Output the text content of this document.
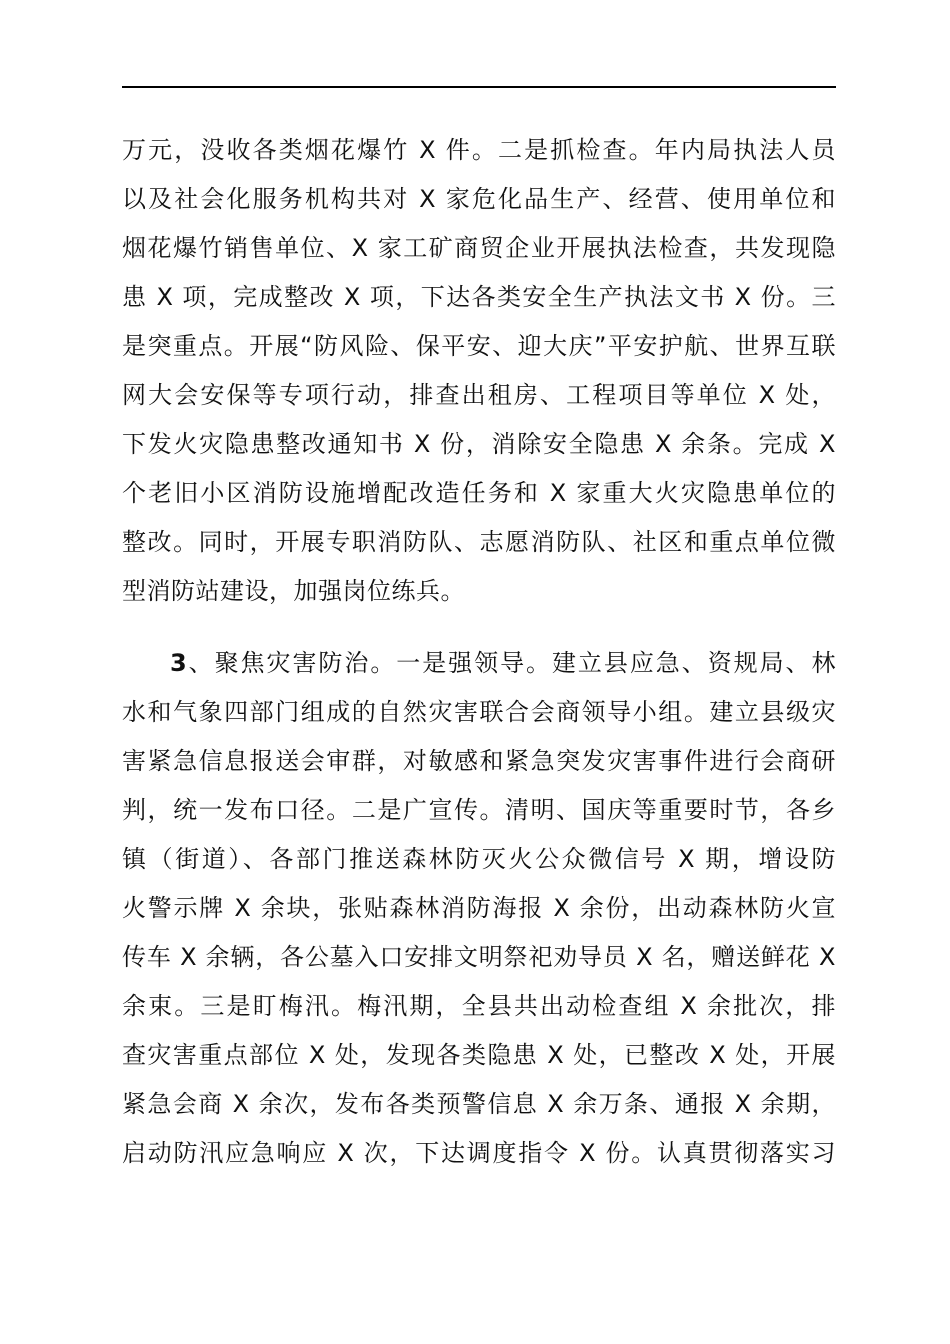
万元，没收各类烟花爆竹 X 件。二是抓检查。年内局执法人员
以及社会化服务机构共对 X 家危化品生产、经营、使用单位和
烟花爆竹销售单位、X 家工矿商贸企业开展执法检查，共发现隐
患 X 项，完成整改 X 项，下达各类安全生产执法文书 X 份。三
是突重点。开展“防风险、保平安、迎大庆”平安护航、世界互联
网大会安保等专项行动，排查出租房、工程项目等单位 X 处，
下发火灾隐患整改通知书 X 份，消除安全隐患 X 余条。完成 X
个老旧小区消防设施增配改造任务和 X 家重大火灾隐患单位的
整改。同时，开展专职消防队、志愿消防队、社区和重点单位微
型消防站建设，加强岗位练兵。
3、聚焦灾害防治。一是强领导。建立县应急、资规局、林
水和气象四部门组成的自然灾害联合会商领导小组。建立县级灾
害紧急信息报送会审群，对敏感和紧急突发灾害事件进行会商研
判，统一发布口径。二是广宣传。清明、国庆等重要时节，各乡
镇（街道）、各部门推送森林防灭火公众微信号 X 期，增设防
火警示牌 X 余块，张贴森林消防海报 X 余份，出动森林防火宣
传车 X 余辆，各公墓入口安排文明祭祀劝导员 X 名，赠送鲜花 X
余束。三是盯梅汛。梅汛期，全县共出动检查组 X 余批次，排
查灾害重点部位 X 处，发现各类隐患 X 处，已整改 X 处，开展
紧急会商 X 余次，发布各类预警信息 X 余万条、通报 X 余期，
启动防汛应急响应 X 次，下达调度指令 X 份。认真贯彻落实习
